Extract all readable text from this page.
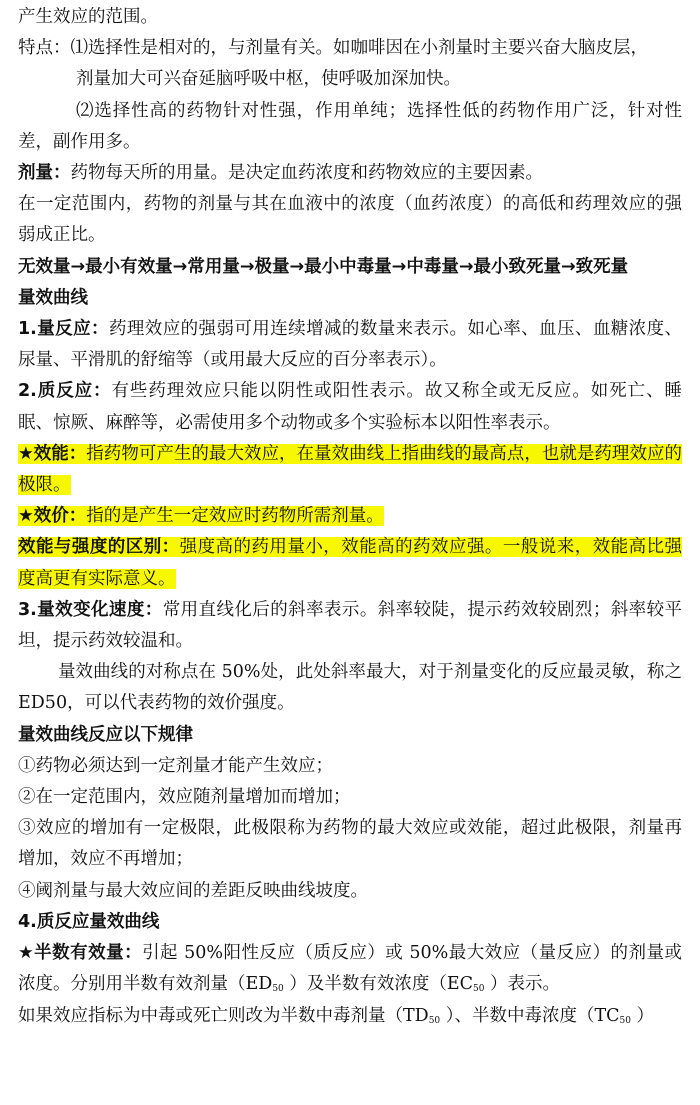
产生效应的范围。

特点：⑴选择性是相对的，与剂量有关。如咖啡因在小剂量时主要兴奋大脑皮层，

剂量加大可兴奋延脑呼吸中枢，使呼吸加深加快。

⑵选择性高的药物针对性强，作用单纯；选择性低的药物作用广泛，针对性差，副作用多。

剂量：药物每天所的用量。是决定血药浓度和药物效应的主要因素。

在一定范围内，药物的剂量与其在血液中的浓度（血药浓度）的高低和药理效应的强弱成正比。

无效量→最小有效量→常用量→极量→最小中毒量→中毒量→最小致死量→致死量

量效曲线

1.量反应：药理效应的强弱可用连续增减的数量来表示。如心率、血压、血糖浓度、尿量、平滑肌的舒缩等（或用最大反应的百分率表示）。

2.质反应：有些药理效应只能以阴性或阳性表示。故又称全或无反应。如死亡、睡眠、惊厥、麻醉等，必需使用多个动物或多个实验标本以阳性率表示。

★效能：指药物可产生的最大效应，在量效曲线上指曲线的最高点，也就是药理效应的极限。

★效价：指的是产生一定效应时药物所需剂量。

效能与强度的区别：强度高的药用量小，效能高的药效应强。一般说来，效能高比强度高更有实际意义。

3.量效变化速度：常用直线化后的斜率表示。斜率较陡，提示药效较剧烈；斜率较平坦，提示药效较温和。

量效曲线的对称点在 50%处，此处斜率最大，对于剂量变化的反应最灵敏，称之 ED50，可以代表药物的效价强度。

量效曲线反应以下规律

①药物必须达到一定剂量才能产生效应；

②在一定范围内，效应随剂量增加而增加；

③效应的增加有一定极限，此极限称为药物的最大效应或效能，超过此极限，剂量再增加，效应不再增加；

④阈剂量与最大效应间的差距反映曲线坡度。

4.质反应量效曲线

★半数有效量：引起 50%阳性反应（质反应）或 50%最大效应（量反应）的剂量或浓度。分别用半数有效剂量（$ED_{50}$ ）及半数有效浓度（$EC_{50}$ ）表示。

如果效应指标为中毒或死亡则改为半数中毒剂量（$TD_{50}$ ）、半数中毒浓度（$TC_{50}$ ）
